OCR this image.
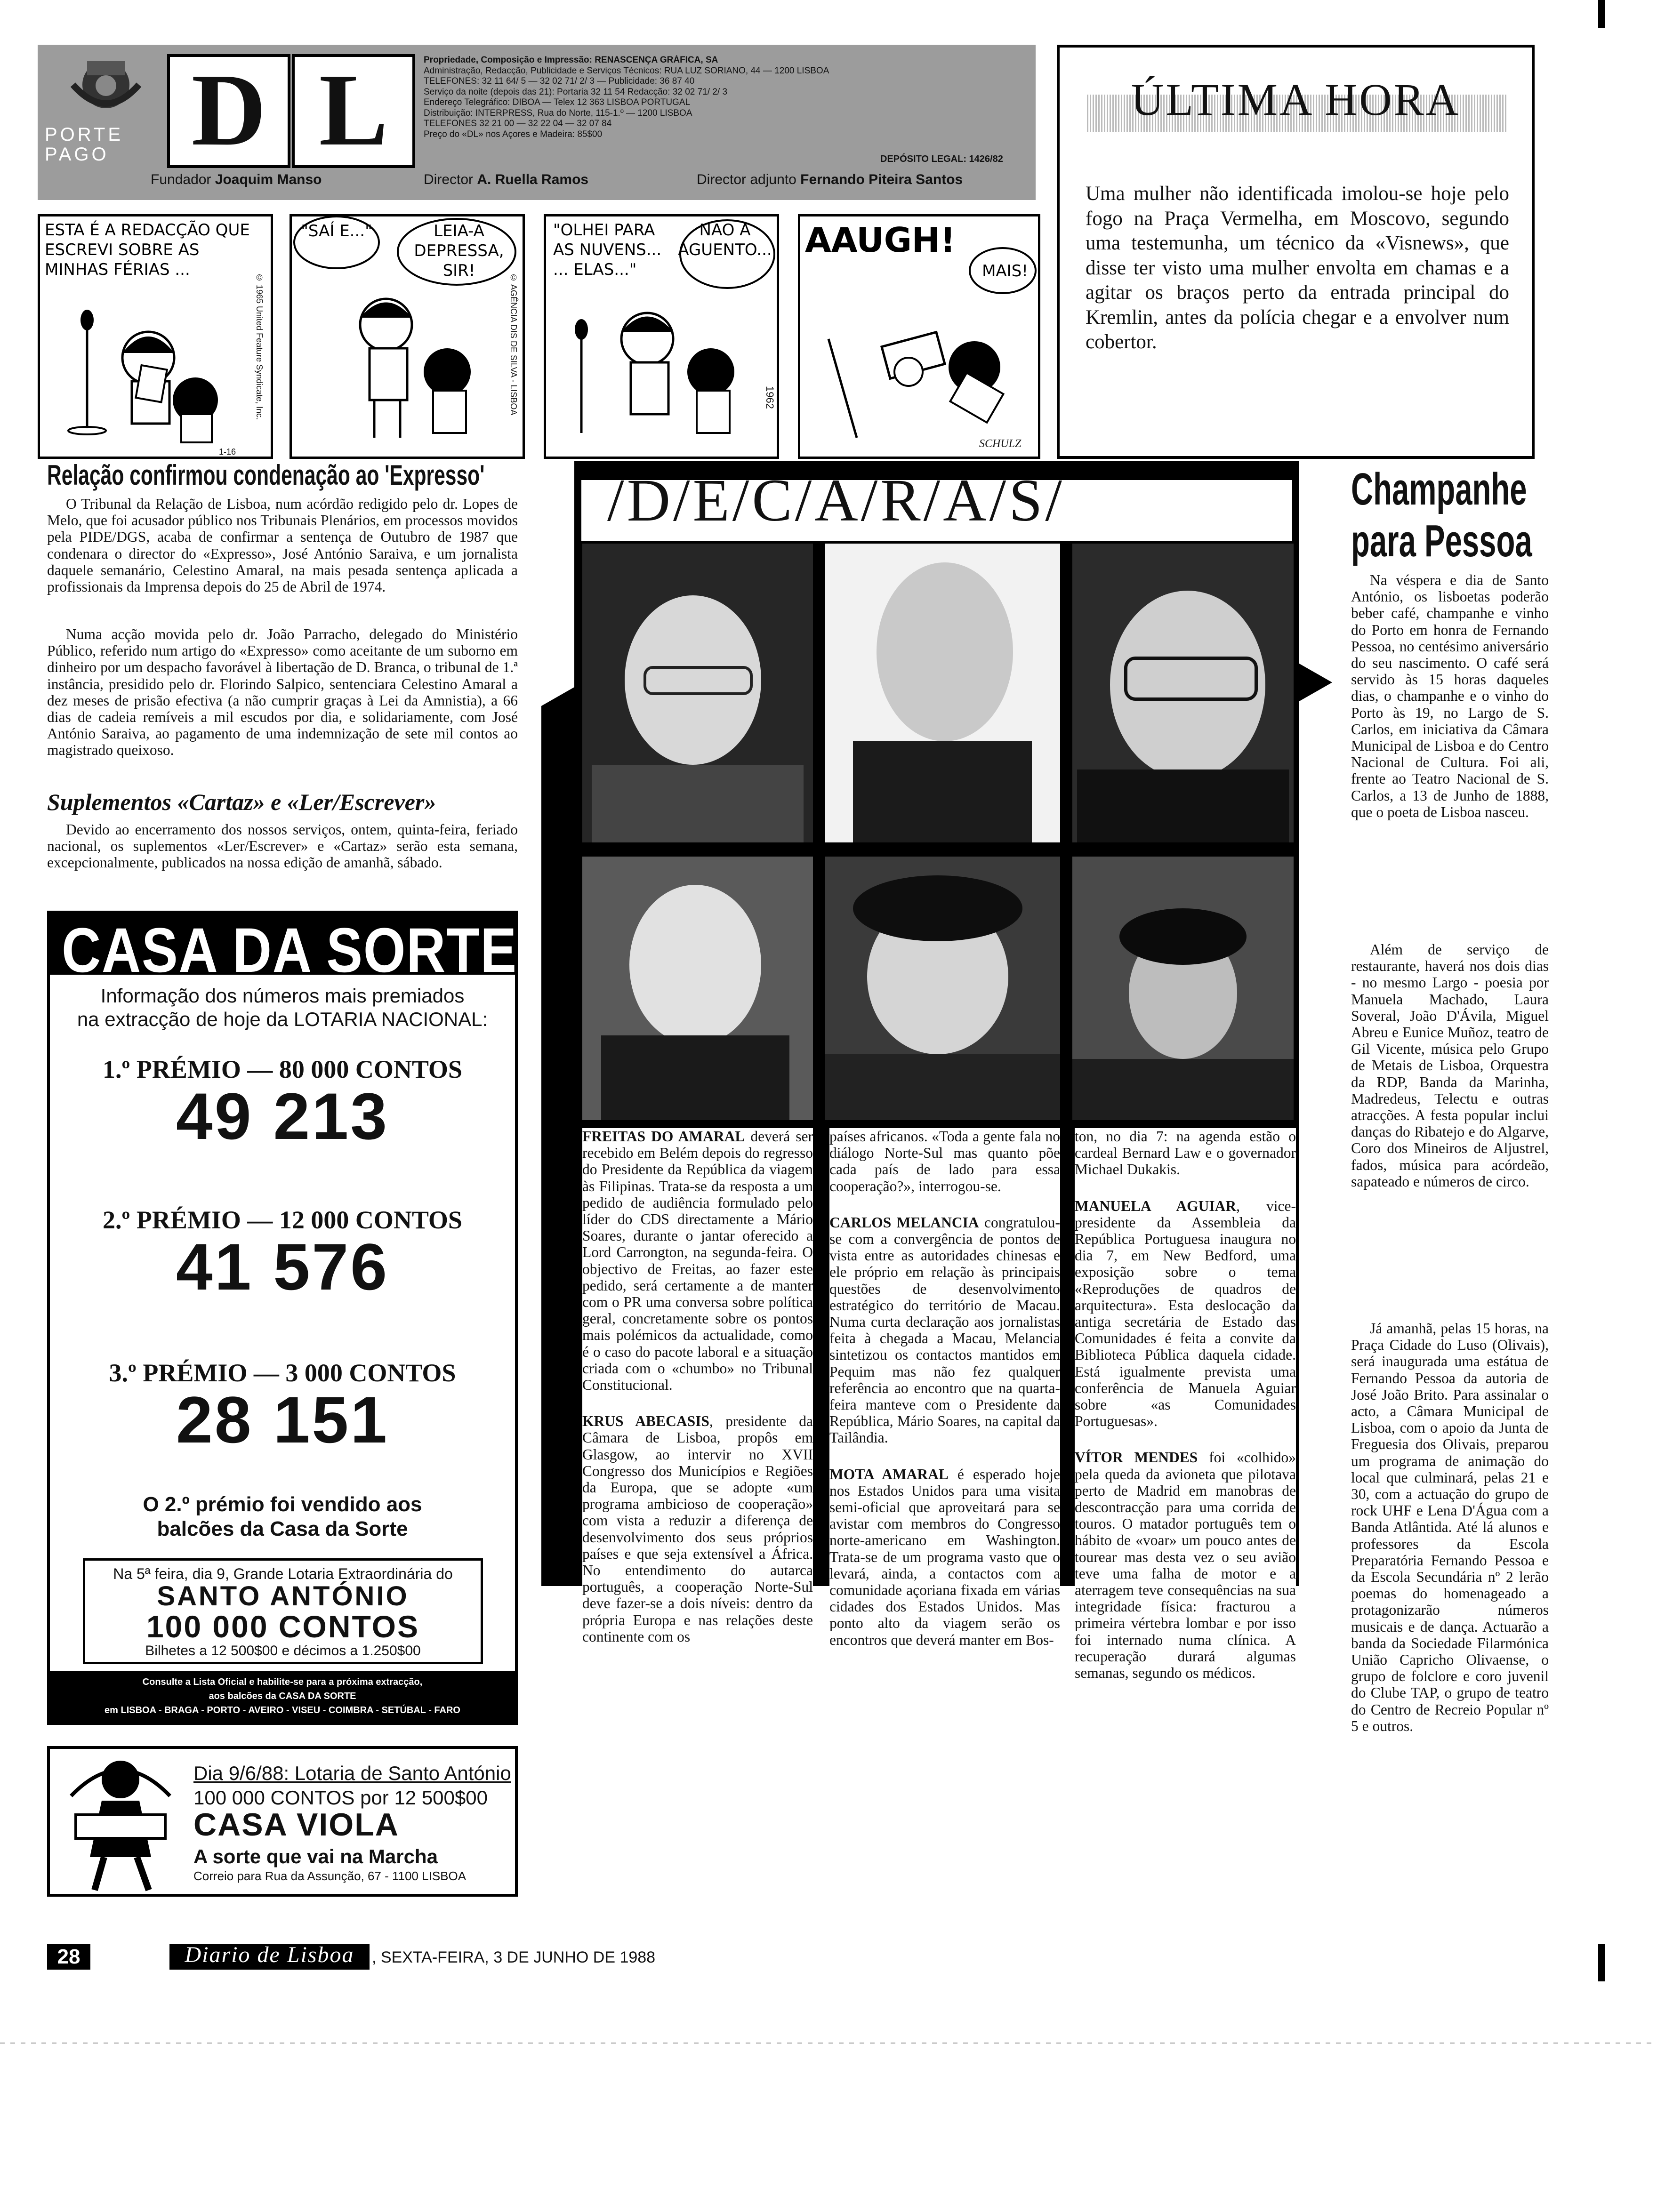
D L
PORTE
PAGO
Propriedade, Composição e Impressão: RENASCENÇA GRÁFICA, SA
Administração, Redacção, Publicidade e Serviços Técnicos: RUA LUZ SORIANO, 44 — 1200 LISBOA
TELEFONES: 32 11 64/ 5 — 32 02 71/ 2/ 3 — Publicidade: 36 87 40
Serviço da noite (depois das 21): Portaria 32 11 54 Redacção: 32 02 71/ 2/ 3
Endereço Telegráfico: DIBOA — Telex 12 363 LISBOA PORTUGAL
Distribuição: INTERPRESS, Rua do Norte, 115-1.º — 1200 LISBOA
TELEFONES 32 21 00 — 32 22 04 — 32 07 84
Preço do «DL» nos Açores e Madeira: 85$00
DEPÓSITO LEGAL: 1426/82
Fundador Joaquim Manso	Director A. Ruella Ramos	Director adjunto Fernando Piteira Santos
ESTA É A REDACÇÃO QUE ESCREVI SOBRE AS MINHAS FÉRIAS ...
© 1965 United Feature Syndicate, Inc.
1-16
"SAÍ E..."	LEIA-A DEPRESSA, SIR!
© AGÊNCIA DIS DE SILVA - LISBOA
"OLHEI PARA AS NUVENS... ... ELAS..."
NÃO A AGUENTO...
1962
AAUGH!
MAIS!
SCHULZ
ÚLTIMA HORA
Uma mulher não identificada imolou-se hoje pelo fogo na Praça Vermelha, em Moscovo, segundo uma testemunha, um técnico da «Visnews», que disse ter visto uma mulher envolta em chamas e a agitar os braços perto da entrada principal do Kremlin, antes da polícia chegar e a envolver num cobertor.
Relação confirmou condenação ao 'Expresso'
O Tribunal da Relação de Lisboa, num acórdão redigido pelo dr. Lopes de Melo, que foi acusador público nos Tribunais Plenários, em processos movidos pela PIDE/DGS, acaba de confirmar a sentença de Outubro de 1987 que condenara o director do «Expresso», José António Saraiva, e um jornalista daquele semanário, Celestino Amaral, na mais pesada sentença aplicada a profissionais da Imprensa depois do 25 de Abril de 1974.
Numa acção movida pelo dr. João Parracho, delegado do Ministério Público, referido num artigo do «Expresso» como aceitante de um suborno em dinheiro por um despacho favorável à libertação de D. Branca, o tribunal de 1.ª instância, presidido pelo dr. Florindo Salpico, sentenciara Celestino Amaral a dez meses de prisão efectiva (a não cumprir graças à Lei da Amnistia), a 66 dias de cadeia remíveis a mil escudos por dia, e solidariamente, com José António Saraiva, ao pagamento de uma indemnização de sete mil contos ao magistrado queixoso.
Suplementos «Cartaz» e «Ler/Escrever»
Devido ao encerramento dos nossos serviços, ontem, quinta-feira, feriado nacional, os suplementos «Ler/Escrever» e «Cartaz» serão esta semana, excepcionalmente, publicados na nossa edição de amanhã, sábado.
CASA DA SORTE
Informação dos números mais premiados
na extracção de hoje da LOTARIA NACIONAL:
1.º PRÉMIO — 80 000 CONTOS
49 213
2.º PRÉMIO — 12 000 CONTOS
41 576
3.º PRÉMIO — 3 000 CONTOS
28 151
O 2.º prémio foi vendido aos
balcões da Casa da Sorte
Na 5ª feira, dia 9, Grande Lotaria Extraordinária do
SANTO ANTÓNIO
100 000 CONTOS
Bilhetes a 12 500$00 e décimos a 1.250$00
Consulte a Lista Oficial e habilite-se para a próxima extracção,
aos balcões da CASA DA SORTE
em LISBOA - BRAGA - PORTO - AVEIRO - VISEU - COIMBRA - SETÚBAL - FARO
Dia 9/6/88: Lotaria de Santo António
100 000 CONTOS por 12 500$00
CASA VIOLA
A sorte que vai na Marcha
Correio para Rua da Assunção, 67 - 1100 LISBOA
/D/E/C/A/R/A/S/

FREITAS DO AMARAL deverá ser recebido em Belém depois do regresso do Presidente da República da viagem às Filipinas. Trata-se da resposta a um pedido de audiência formulado pelo líder do CDS directamente a Mário Soares, durante o jantar oferecido a Lord Carrongton, na segunda-feira. O objectivo de Freitas, ao fazer este pedido, será certamente a de manter com o PR uma conversa sobre política geral, concretamente sobre os pontos mais polémicos da actualidade, como é o caso do pacote laboral e a situação criada com o «chumbo» no Tribunal Constitucional.

KRUS ABECASIS, presidente da Câmara de Lisboa, propôs em Glasgow, ao intervir no XVII Congresso dos Municípios e Regiões da Europa, que se adopte «um programa ambicioso de cooperação» com vista a reduzir a diferença de desenvolvimento dos seus próprios países e que seja extensível a África. No entendimento do autarca português, a cooperação Norte-Sul deve fazer-se a dois níveis: dentro da própria Europa e nas relações deste continente com os

países africanos. «Toda a gente fala no diálogo Norte-Sul mas quanto põe cada país de lado para essa cooperação?», interrogou-se.

CARLOS MELANCIA congratulou-se com a convergência de pontos de vista entre as autoridades chinesas e ele próprio em relação às principais questões de desenvolvimento estratégico do território de Macau. Numa curta declaração aos jornalistas feita à chegada a Macau, Melancia sintetizou os contactos mantidos em Pequim mas não fez qualquer referência ao encontro que na quarta-feira manteve com o Presidente da República, Mário Soares, na capital da Tailândia.

MOTA AMARAL é esperado hoje nos Estados Unidos para uma visita semi-oficial que aproveitará para se avistar com membros do Congresso norte-americano em Washington. Trata-se de um programa vasto que o levará, ainda, a contactos com a comunidade açoriana fixada em várias cidades dos Estados Unidos. Mas ponto alto da viagem serão os encontros que deverá manter em Bos-

ton, no dia 7: na agenda estão o cardeal Bernard Law e o governador Michael Dukakis.

MANUELA AGUIAR, vice-presidente da Assembleia da República Portuguesa inaugura no dia 7, em New Bedford, uma exposição sobre o tema «Reproduções de quadros de arquitectura». Esta deslocação da antiga secretária de Estado das Comunidades é feita a convite da Biblioteca Pública daquela cidade. Está igualmente prevista uma conferência de Manuela Aguiar sobre «as Comunidades Portuguesas».

VÍTOR MENDES foi «colhido» pela queda da avioneta que pilotava perto de Madrid em manobras de descontracção para uma corrida de touros. O matador português tem o hábito de «voar» um pouco antes de tourear mas desta vez o seu avião teve uma falha de motor e a aterragem teve consequências na sua integridade física: fracturou a primeira vértebra lombar e por isso foi internado numa clínica. A recuperação durará algumas semanas, segundo os médicos.

Champanhe
para Pessoa
Na véspera e dia de Santo António, os lisboetas poderão beber café, champanhe e vinho do Porto em honra de Fernando Pessoa, no centésimo aniversário do seu nascimento. O café será servido às 15 horas daqueles dias, o champanhe e o vinho do Porto às 19, no Largo de S. Carlos, em iniciativa da Câmara Municipal de Lisboa e do Centro Nacional de Cultura. Foi ali, frente ao Teatro Nacional de S. Carlos, a 13 de Junho de 1888, que o poeta de Lisboa nasceu.
Além de serviço de restaurante, haverá nos dois dias - no mesmo Largo - poesia por Manuela Machado, Laura Soveral, João D'Ávila, Miguel Abreu e Eunice Muñoz, teatro de Gil Vicente, música pelo Grupo de Metais de Lisboa, Orquestra da RDP, Banda da Marinha, Madredeus, Telectu e outras atracções. A festa popular inclui danças do Ribatejo e do Algarve, Coro dos Mineiros de Aljustrel, fados, música para acórdeão, sapateado e números de circo.
Já amanhã, pelas 15 horas, na Praça Cidade do Luso (Olivais), será inaugurada uma estátua de Fernando Pessoa da autoria de José João Brito. Para assinalar o acto, a Câmara Municipal de Lisboa, com o apoio da Junta de Freguesia dos Olivais, preparou um programa de animação do local que culminará, pelas 21 e 30, com a actuação do grupo de rock UHF e Lena D'Água com a Banda Atlântida. Até lá alunos e professores da Escola Preparatória Fernando Pessoa e da Escola Secundária nº 2 lerão poemas do homenageado a protagonizarão números musicais e de dança. Actuarão a banda da Sociedade Filarmónica União Capricho Olivaense, o grupo de folclore e coro juvenil do Clube TAP, o grupo de teatro do Centro de Recreio Popular nº 5 e outros.
28	Diario de Lisboa	, SEXTA-FEIRA, 3 DE JUNHO DE 1988
